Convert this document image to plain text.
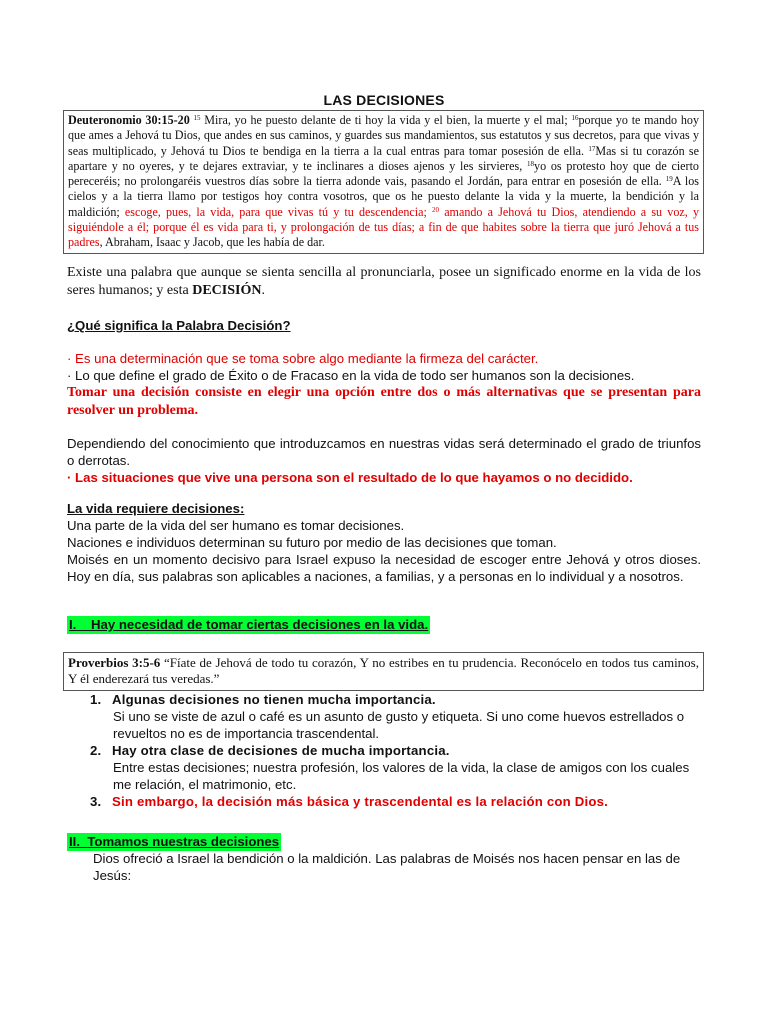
LAS DECISIONES
Deuteronomio 30:15-20 $^{15}$ Mira, yo he puesto delante de ti hoy la vida y el bien, la muerte y el mal; $^{16}$porque yo te mando hoy que ames a Jehová tu Dios, que andes en sus caminos, y guardes sus mandamientos, sus estatutos y sus decretos, para que vivas y seas multiplicado, y Jehová tu Dios te bendiga en la tierra a la cual entras para tomar posesión de ella. $^{17}$Mas si tu corazón se apartare y no oyeres, y te dejares extraviar, y te inclinares a dioses ajenos y les sirvieres, $^{18}$yo os protesto hoy que de cierto pereceréis; no prolongaréis vuestros días sobre la tierra adonde vais, pasando el Jordán, para entrar en posesión de ella. $^{19}$A los cielos y a la tierra llamo por testigos hoy contra vosotros, que os he puesto delante la vida y la muerte, la bendición y la maldición; escoge, pues, la vida, para que vivas tú y tu descendencia; $^{20}$ amando a Jehová tu Dios, atendiendo a su voz, y siguiéndole a él; porque él es vida para ti, y prolongación de tus días; a fin de que habites sobre la tierra que juró Jehová a tus padres, Abraham, Isaac y Jacob, que les había de dar.
Existe una palabra que aunque se sienta sencilla al pronunciarla, posee un significado enorme en la vida de los seres humanos; y esta DECISIÓN.
¿Qué significa la Palabra Decisión?
· Es una determinación que se toma sobre algo mediante la firmeza del carácter.
· Lo que define el grado de Éxito o de Fracaso en la vida de todo ser humanos son la decisiones.
Tomar una decisión consiste en elegir una opción entre dos o más alternativas que se presentan para resolver un problema.
Dependiendo del conocimiento que introduzcamos en nuestras vidas será determinado el grado de triunfos o derrotas.
· Las situaciones que vive una persona son el resultado de lo que hayamos o no decidido.
La vida requiere decisiones:
Una parte de la vida del ser humano es tomar decisiones.
Naciones e individuos determinan su futuro por medio de las decisiones que toman.
Moisés en un momento decisivo para Israel expuso la necesidad de escoger entre Jehová y otros dioses. Hoy en día, sus palabras son aplicables a naciones, a familias, y a personas en lo individual y a nosotros.
I. Hay necesidad de tomar ciertas decisiones en la vida.
Proverbios 3:5-6 “Fíate de Jehová de todo tu corazón, Y no estribes en tu prudencia. Reconócelo en todos tus caminos, Y él enderezará tus veredas.”
1. Algunas decisiones no tienen mucha importancia.
Si uno se viste de azul o café es un asunto de gusto y etiqueta. Si uno come huevos estrellados o revueltos no es de importancia trascendental.
2. Hay otra clase de decisiones de mucha importancia.
Entre estas decisiones; nuestra profesión, los valores de la vida, la clase de amigos con los cuales me relación, el matrimonio, etc.
3. Sin embargo, la decisión más básica y trascendental es la relación con Dios.
II. Tomamos nuestras decisiones
Dios ofreció a Israel la bendición o la maldición. Las palabras de Moisés nos hacen pensar en las de Jesús:
